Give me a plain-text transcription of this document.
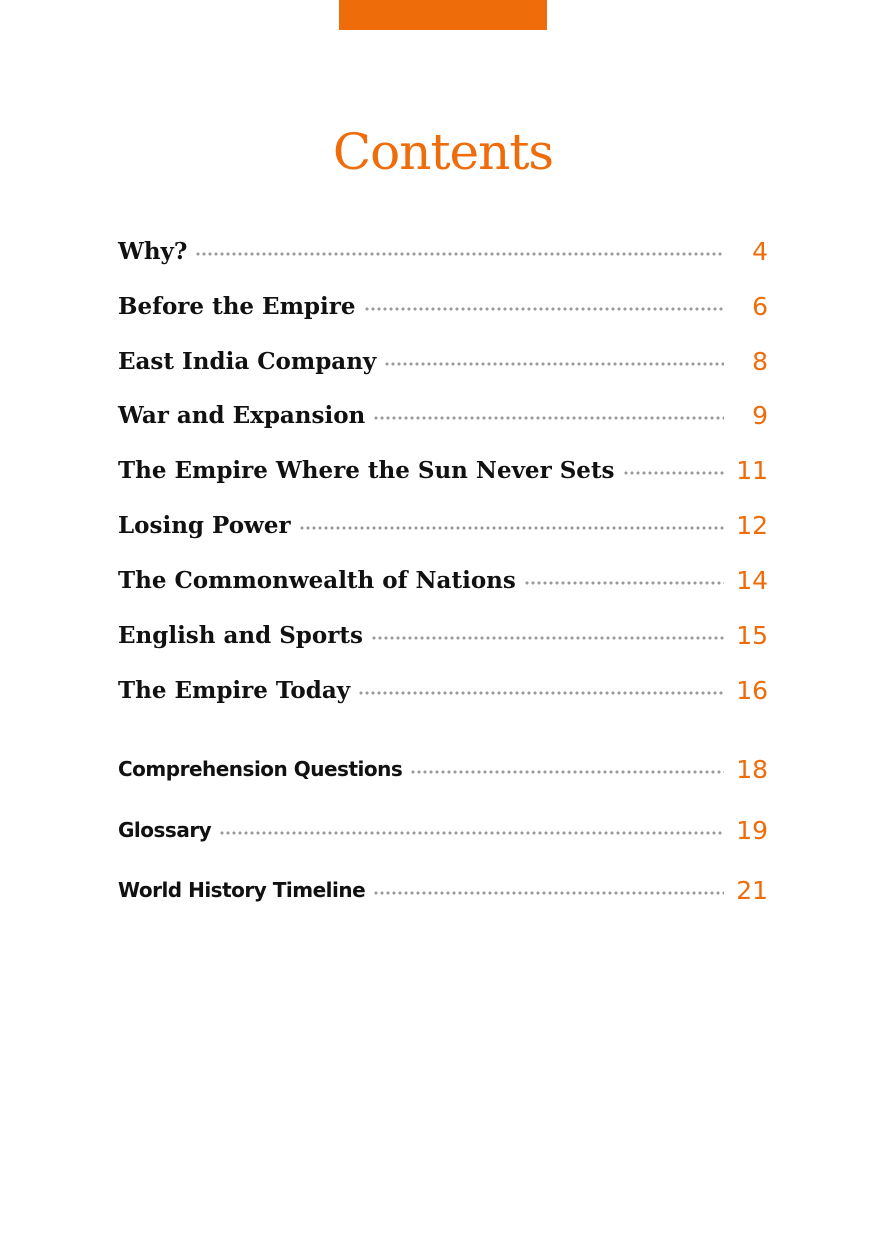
Contents
Why?	4
Before the Empire	6
East India Company	8
War and Expansion	9
The Empire Where the Sun Never Sets	11
Losing Power	12
The Commonwealth of Nations	14
English and Sports	15
The Empire Today	16
Comprehension Questions	18
Glossary	19
World History Timeline	21
